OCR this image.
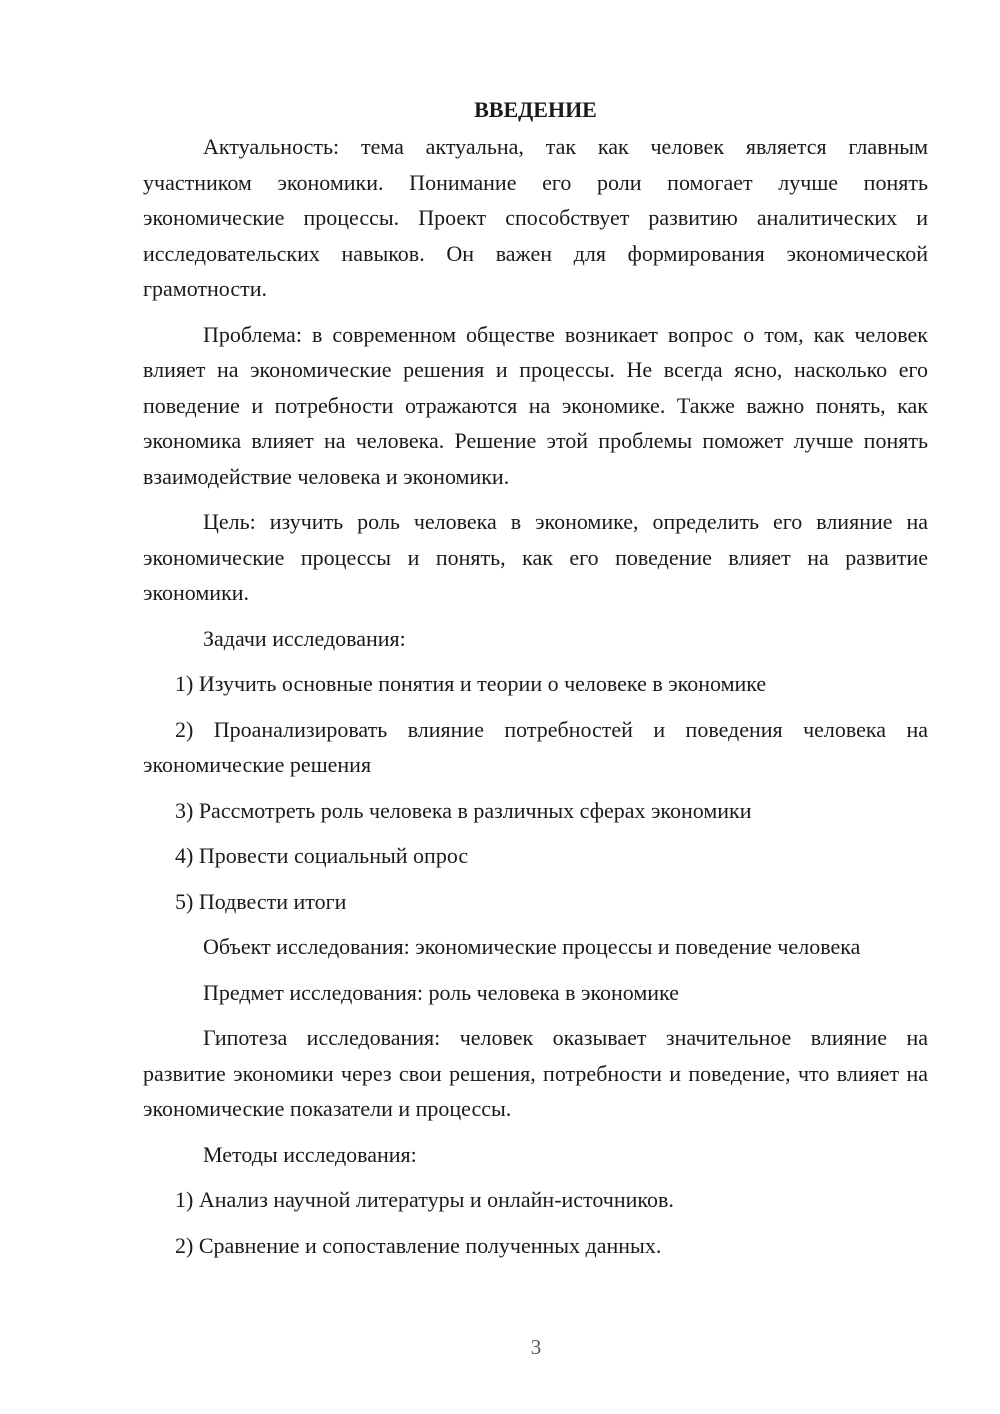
ВВЕДЕНИЕ

Актуальность: тема актуальна, так как человек является главным участником экономики. Понимание его роли помогает лучше понять экономические процессы. Проект способствует развитию аналитических и исследовательских навыков. Он важен для формирования экономической грамотности.

Проблема: в современном обществе возникает вопрос о том, как человек влияет на экономические решения и процессы. Не всегда ясно, насколько его поведение и потребности отражаются на экономике. Также важно понять, как экономика влияет на человека. Решение этой проблемы поможет лучше понять взаимодействие человека и экономики.

Цель: изучить роль человека в экономике, определить его влияние на экономические процессы и понять, как его поведение влияет на развитие экономики.

Задачи исследования:

1) Изучить основные понятия и теории о человеке в экономике

2) Проанализировать влияние потребностей и поведения человека на экономические решения

3) Рассмотреть роль человека в различных сферах экономики

4) Провести социальный опрос

5) Подвести итоги

Объект исследования: экономические процессы и поведение человека

Предмет исследования: роль человека в экономике

Гипотеза исследования: человек оказывает значительное влияние на развитие экономики через свои решения, потребности и поведение, что влияет на экономические показатели и процессы.

Методы исследования:

1) Анализ научной литературы и онлайн-источников.

2) Сравнение и сопоставление полученных данных.

3
